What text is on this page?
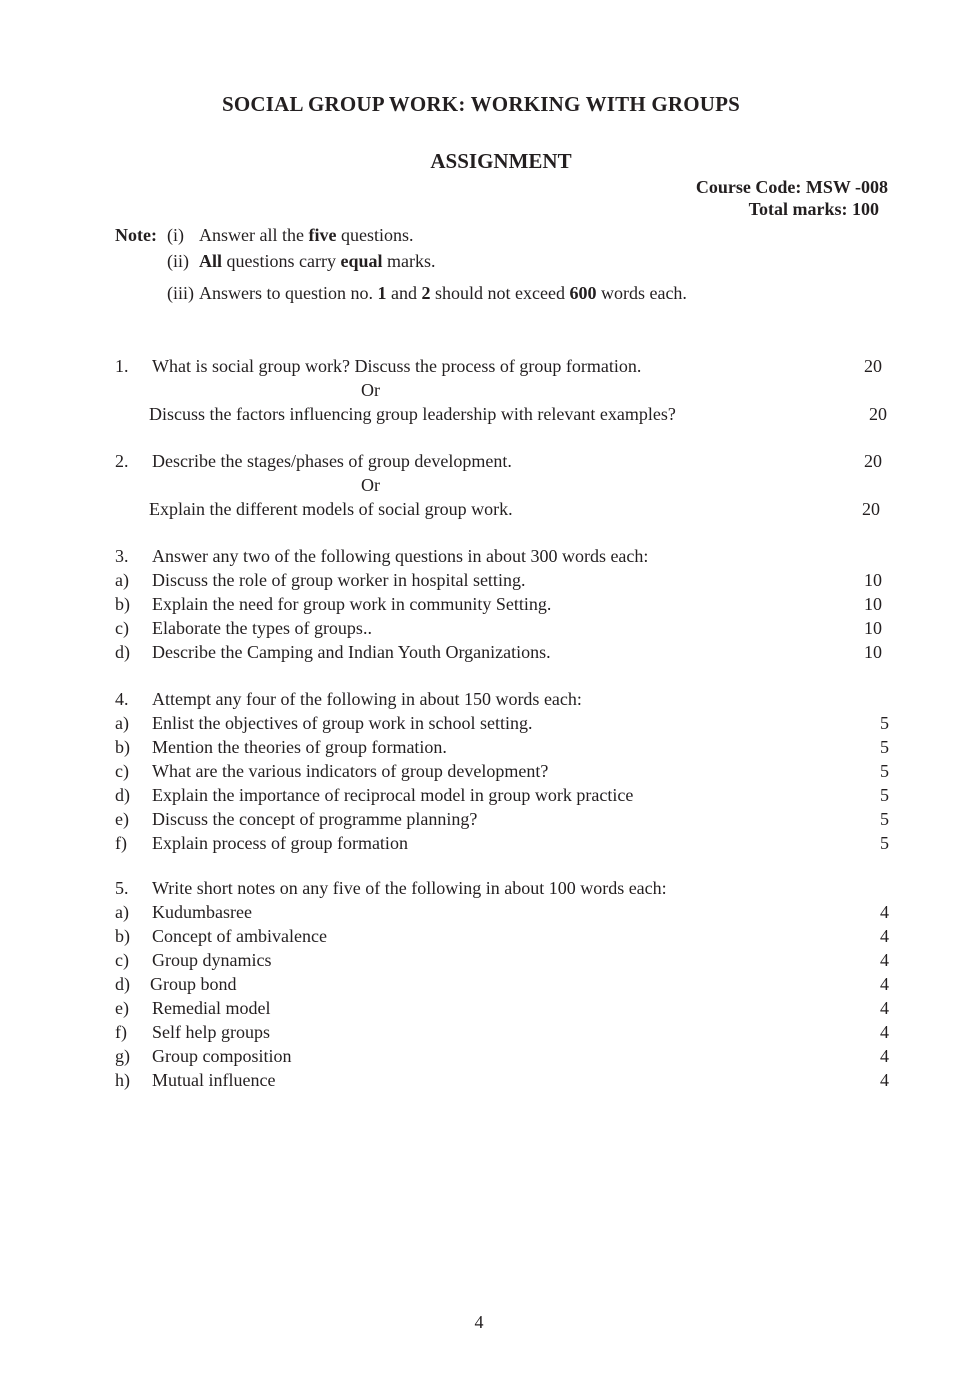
SOCIAL GROUP WORK: WORKING WITH GROUPS
ASSIGNMENT
Course Code: MSW -008
Total marks: 100
Note: (i) Answer all the five questions.
(ii) All questions carry equal marks.
(iii) Answers to question no. 1 and 2 should not exceed 600 words each.
1. What is social group work? Discuss the process of group formation.	20
Or
Discuss the factors influencing group leadership with relevant examples?	20
2. Describe the stages/phases of group development.	20
Or
Explain the different models of social group work.	20
3. Answer any two of the following questions in about 300 words each:
a) Discuss the role of group worker in hospital setting.	10
b) Explain the need for group work in community Setting.	10
c) Elaborate the types of groups..	10
d) Describe the Camping and Indian Youth Organizations.	10
4. Attempt any four of the following in about 150 words each:
a) Enlist the objectives of group work in school setting.	5
b) Mention the theories of group formation.	5
c) What are the various indicators of group development?	5
d) Explain the importance of reciprocal model in group work practice	5
e) Discuss the concept of programme planning?	5
f) Explain process of group formation	5
5. Write short notes on any five of the following in about 100 words each:
a) Kudumbasree	4
b) Concept of ambivalence	4
c) Group dynamics	4
d) Group bond	4
e) Remedial model	4
f) Self help groups	4
g) Group composition	4
h) Mutual influence	4
4
